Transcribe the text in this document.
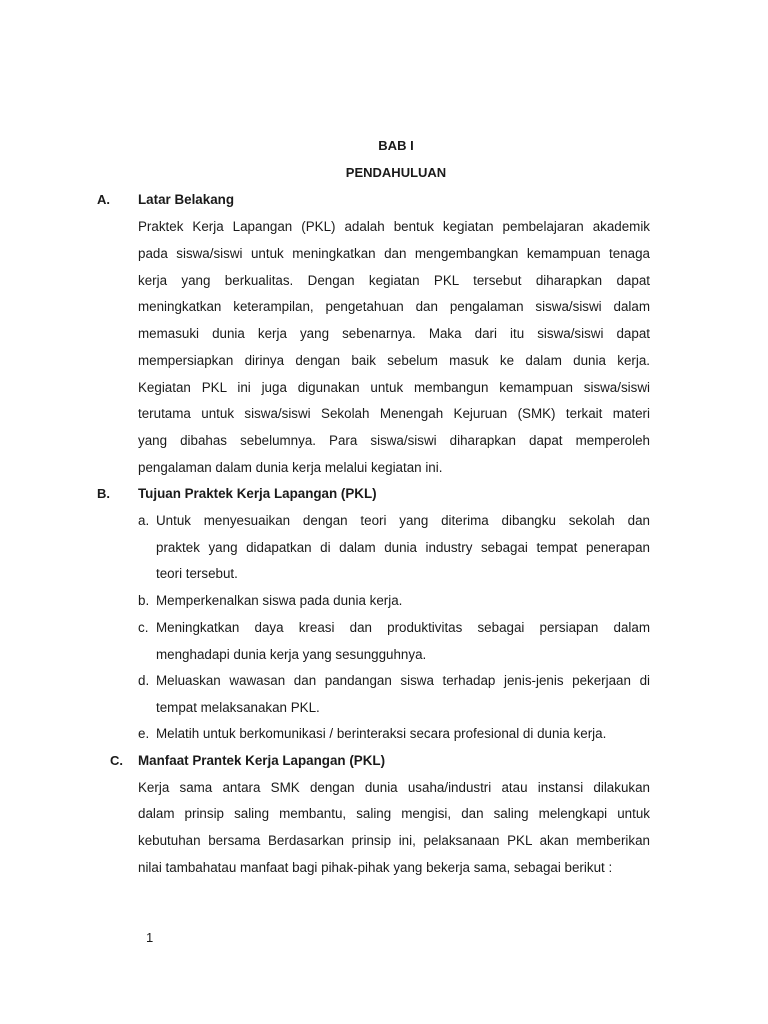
BAB I
PENDAHULUAN
A. Latar Belakang
Praktek Kerja Lapangan (PKL) adalah bentuk kegiatan pembelajaran akademik
pada siswa/siswi untuk meningkatkan dan mengembangkan kemampuan tenaga
kerja yang berkualitas. Dengan kegiatan PKL tersebut diharapkan dapat
meningkatkan keterampilan, pengetahuan dan pengalaman siswa/siswi dalam
memasuki dunia kerja yang sebenarnya. Maka dari itu siswa/siswi dapat
mempersiapkan dirinya dengan baik sebelum masuk ke dalam dunia kerja.
Kegiatan PKL ini juga digunakan untuk membangun kemampuan siswa/siswi
terutama untuk siswa/siswi Sekolah Menengah Kejuruan (SMK) terkait materi
yang dibahas sebelumnya. Para siswa/siswi diharapkan dapat memperoleh
pengalaman dalam dunia kerja melalui kegiatan ini.
B. Tujuan Praktek Kerja Lapangan (PKL)
a. Untuk menyesuaikan dengan teori yang diterima dibangku sekolah dan
praktek yang didapatkan di dalam dunia industry sebagai tempat penerapan
teori tersebut.
b. Memperkenalkan siswa pada dunia kerja.
c. Meningkatkan daya kreasi dan produktivitas sebagai persiapan dalam
menghadapi dunia kerja yang sesungguhnya.
d. Meluaskan wawasan dan pandangan siswa terhadap jenis-jenis pekerjaan di
tempat melaksanakan PKL.
e. Melatih untuk berkomunikasi / berinteraksi secara profesional di dunia kerja.
C. Manfaat Prantek Kerja Lapangan (PKL)
Kerja sama antara SMK dengan dunia usaha/industri atau instansi dilakukan
dalam prinsip saling membantu, saling mengisi, dan saling melengkapi untuk
kebutuhan bersama Berdasarkan prinsip ini, pelaksanaan PKL akan memberikan
nilai tambahatau manfaat bagi pihak-pihak yang bekerja sama, sebagai berikut :
1
